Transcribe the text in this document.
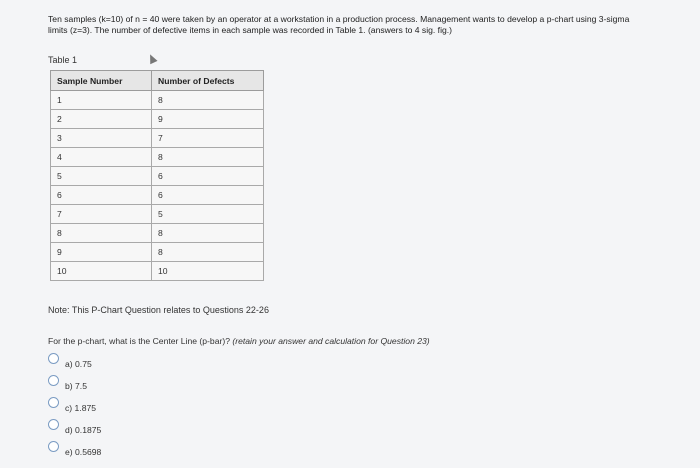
Ten samples (k=10) of n = 40 were taken by an operator at a workstation in a production process. Management wants to develop a p-chart using 3-sigma limits (z=3). The number of defective items in each sample was recorded in Table 1. (answers to 4 sig. fig.)
Table 1
Sample Number	Number of Defects
1	8
2	9
3	7
4	8
5	6
6	6
7	5
8	8
9	8
10	10
Note: This P-Chart Question relates to Questions 22-26
For the p-chart, what is the Center Line (p-bar)? (retain your answer and calculation for Question 23)
a) 0.75
b) 7.5
c) 1.875
d) 0.1875
e) 0.5698
